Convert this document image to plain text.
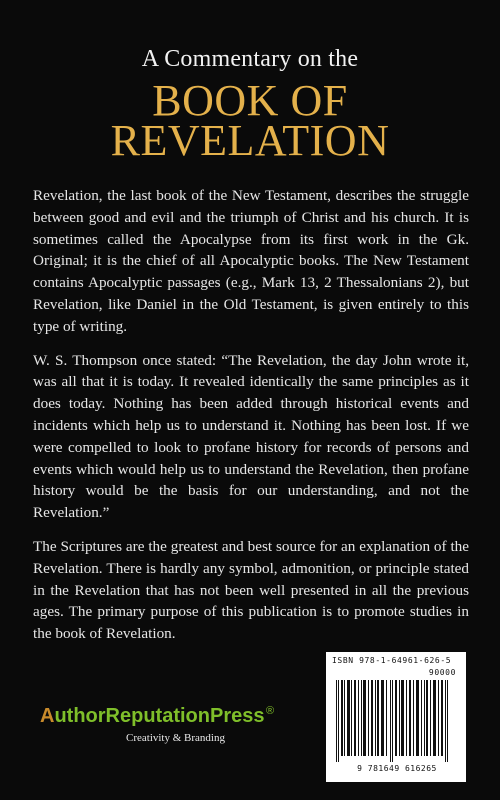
A Commentary on the
BOOK OF
REVELATION

Revelation, the last book of the New Testament, describes the struggle between good and evil and the triumph of Christ and his church. It is sometimes called the Apocalypse from its first work in the Gk. Original; it is the chief of all Apocalyptic books. The New Testament contains Apocalyptic passages (e.g., Mark 13, 2 Thessalonians 2), but Revelation, like Daniel in the Old Testament, is given entirely to this type of writing.

W. S. Thompson once stated: “The Revelation, the day John wrote it, was all that it is today. It revealed identically the same principles as it does today. Nothing has been added through historical events and incidents which help us to understand it. Nothing has been lost. If we were compelled to look to profane history for records of persons and events which would help us to understand the Revelation, then profane history would be the basis for our understanding, and not the Revelation.”

The Scriptures are the greatest and best source for an explanation of the Revelation. There is hardly any symbol, admonition, or principle stated in the Revelation that has not been well presented in all the previous ages. The primary purpose of this publication is to promote studies in the book of Revelation.

AuthorReputationPress ®
Creativity & Branding
ISBN 978-1-64961-626-5
90000
9 781649 616265
